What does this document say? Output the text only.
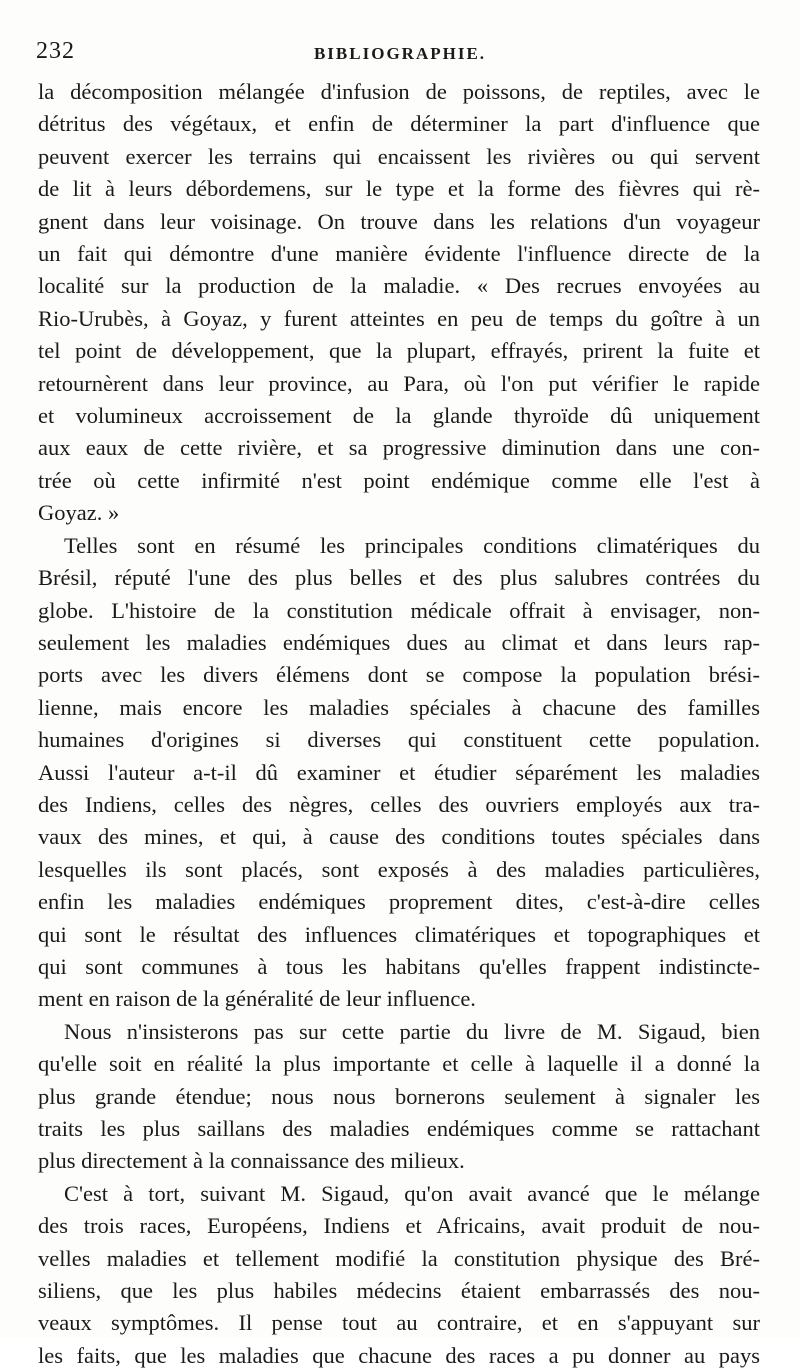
232	BIBLIOGRAPHIE.

la décomposition mélangée d'infusion de poissons, de reptiles, avec le
détritus des végétaux, et enfin de déterminer la part d'influence que
peuvent exercer les terrains qui encaissent les rivières ou qui servent
de lit à leurs débordemens, sur le type et la forme des fièvres qui rè-
gnent dans leur voisinage. On trouve dans les relations d'un voyageur
un fait qui démontre d'une manière évidente l'influence directe de la
localité sur la production de la maladie. « Des recrues envoyées au
Rio-Urubès, à Goyaz, y furent atteintes en peu de temps du goître à un
tel point de développement, que la plupart, effrayés, prirent la fuite et
retournèrent dans leur province, au Para, où l'on put vérifier le rapide
et volumineux accroissement de la glande thyroïde dû uniquement
aux eaux de cette rivière, et sa progressive diminution dans une con-
trée où cette infirmité n'est point endémique comme elle l'est à
Goyaz. »

Telles sont en résumé les principales conditions climatériques du
Brésil, réputé l'une des plus belles et des plus salubres contrées du
globe. L'histoire de la constitution médicale offrait à envisager, non-
seulement les maladies endémiques dues au climat et dans leurs rap-
ports avec les divers élémens dont se compose la population brési-
lienne, mais encore les maladies spéciales à chacune des familles
humaines d'origines si diverses qui constituent cette population.
Aussi l'auteur a-t-il dû examiner et étudier séparément les maladies
des Indiens, celles des nègres, celles des ouvriers employés aux tra-
vaux des mines, et qui, à cause des conditions toutes spéciales dans
lesquelles ils sont placés, sont exposés à des maladies particulières,
enfin les maladies endémiques proprement dites, c'est-à-dire celles
qui sont le résultat des influences climatériques et topographiques et
qui sont communes à tous les habitans qu'elles frappent indistincte-
ment en raison de la généralité de leur influence.

Nous n'insisterons pas sur cette partie du livre de M. Sigaud, bien
qu'elle soit en réalité la plus importante et celle à laquelle il a donné la
plus grande étendue; nous nous bornerons seulement à signaler les
traits les plus saillans des maladies endémiques comme se rattachant
plus directement à la connaissance des milieux.

C'est à tort, suivant M. Sigaud, qu'on avait avancé que le mélange
des trois races, Européens, Indiens et Africains, avait produit de nou-
velles maladies et tellement modifié la constitution physique des Bré-
siliens, que les plus habiles médecins étaient embarrassés des nou-
veaux symptômes. Il pense tout au contraire, et en s'appuyant sur
les faits, que les maladies que chacune des races a pu donner au pays
